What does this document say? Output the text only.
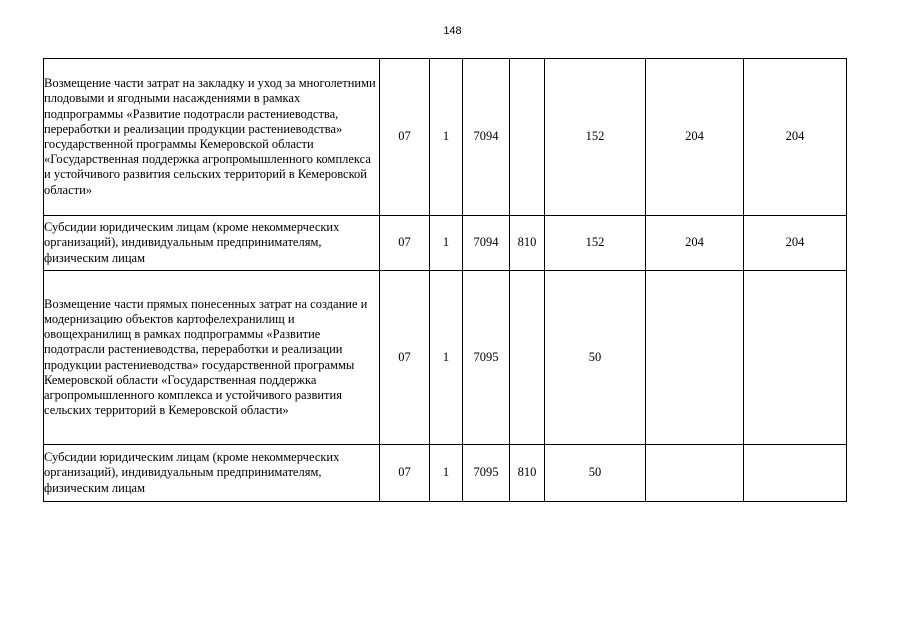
148
Возмещение части затрат на закладку и уход за многолетними плодовыми и ягодными насаждениями в рамках подпрограммы «Развитие подотрасли растениеводства, переработки и реализации продукции растениеводства» государственной программы Кемеровской области «Государственная поддержка агропромышленного комплекса и устойчивого развития сельских территорий в Кемеровской области»	07	1	7094		152	204	204
Субсидии юридическим лицам (кроме некоммерческих организаций), индивидуальным предпринимателям, физическим лицам	07	1	7094	810	152	204	204
Возмещение части прямых понесенных затрат на создание и модернизацию объектов картофелехранилищ и овощехранилищ в рамках подпрограммы «Развитие подотрасли растениеводства, переработки и реализации продукции растениеводства» государственной программы Кемеровской области «Государственная поддержка агропромышленного комплекса и устойчивого развития сельских территорий в Кемеровской области»	07	1	7095		50		
Субсидии юридическим лицам (кроме некоммерческих организаций), индивидуальным предпринимателям, физическим лицам	07	1	7095	810	50		
